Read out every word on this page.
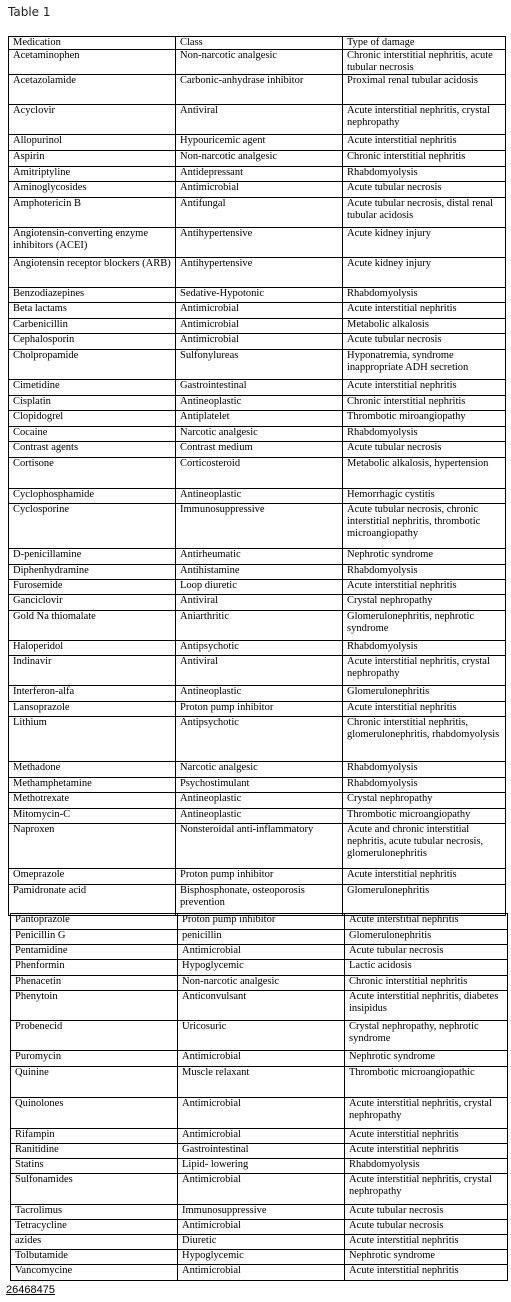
Table 1
Medication	Class	Type of damage
Acetaminophen	Non-narcotic analgesic	Chronic interstitial nephritis, acute tubular necrosis
Acetazolamide	Carbonic-anhydrase inhibitor	Proximal renal tubular acidosis
Acyclovir	Antiviral	Acute interstitial nephritis, crystal nephropathy
Allopurinol	Hypouricemic agent	Acute interstitial nephritis
Aspirin	Non-narcotic analgesic	Chronic interstitial nephritis
Amitriptyline	Antidepressant	Rhabdomyolysis
Aminoglycosides	Antimicrobial	Acute tubular necrosis
Amphotericin B	Antifungal	Acute tubular necrosis, distal renal tubular acidosis
Angiotensin-converting enzyme inhibitors (ACEI)	Antihypertensive	Acute kidney injury
Angiotensin receptor blockers (ARB)	Antihypertensive	Acute kidney injury
Benzodiazepines	Sedative-Hypotonic	Rhabdomyolysis
Beta lactams	Antimicrobial	Acute interstitial nephritis
Carbenicillin	Antimicrobial	Metabolic alkalosis
Cephalosporin	Antimicrobial	Acute tubular necrosis
Cholpropamide	Sulfonylureas	Hyponatremia, syndrome inappropriate ADH secretion
Cimetidine	Gastrointestinal	Acute interstitial nephritis
Cisplatin	Antineoplastic	Chronic interstitial nephritis
Clopidogrel	Antiplatelet	Thrombotic miroangiopathy
Cocaine	Narcotic analgesic	Rhabdomyolysis
Contrast agents	Contrast medium	Acute tubular necrosis
Cortisone	Corticosteroid	Metabolic alkalosis, hypertension
Cyclophosphamide	Antineoplastic	Hemorrhagic cystitis
Cyclosporine	Immunosuppressive	Acute tubular necrosis, chronic interstitial nephritis, thrombotic microangiopathy
D-penicillamine	Antirheumatic	Nephrotic syndrome
Diphenhydramine	Antihistamine	Rhabdomyolysis
Furosemide	Loop diuretic	Acute interstitial nephritis
Ganciclovir	Antiviral	Crystal nephropathy
Gold Na thiomalate	Aniarthritic	Glomerulonephritis, nephrotic syndrome
Haloperidol	Antipsychotic	Rhabdomyolysis
Indinavir	Antiviral	Acute interstitial nephritis, crystal nephropathy
Interferon-alfa	Antineoplastic	Glomerulonephritis
Lansoprazole	Proton pump inhibitor	Acute interstitial nephritis
Lithium	Antipsychotic	Chronic interstitial nephritis, glomerulonephritis, rhabdomyolysis
Methadone	Narcotic analgesic	Rhabdomyolysis
Methamphetamine	Psychostimulant	Rhabdomyolysis
Methotrexate	Antineoplastic	Crystal nephropathy
Mitomycin-C	Antineoplastic	Thrombotic microangiopathy
Naproxen	Nonsteroidal anti-inflammatory	Acute and chronic interstitial nephritis, acute tubular necrosis, glomerulonephritis
Omeprazole	Proton pump inhibitor	Acute interstitial nephritis
Pamidronate acid	Bisphosphonate, osteoporosis prevention	Glomerulonephritis
Pantoprazole	Proton pump inhibitor	Acute interstitial nephritis
Penicillin G	penicillin	Glomerulonephritis
Pentamidine	Antimicrobial	Acute tubular necrosis
Phenformin	Hypoglycemic	Lactic acidosis
Phenacetin	Non-narcotic analgesic	Chronic interstitial nephritis
Phenytoin	Anticonvulsant	Acute interstitial nephritis, diabetes insipidus
Probenecid	Uricosuric	Crystal nephropathy, nephrotic syndrome
Puromycin	Antimicrobial	Nephrotic syndrome
Quinine	Muscle relaxant	Thrombotic microangiopathic
Quinolones	Antimicrobial	Acute interstitial nephritis, crystal nephropathy
Rifampin	Antimicrobial	Acute interstitial nephritis
Ranitidine	Gastrointestinal	Acute interstitial nephritis
Statins	Lipid- lowering	Rhabdomyolysis
Sulfonamides	Antimicrobial	Acute interstitial nephritis, crystal nephropathy
Tacrolimus	Immunosuppressive	Acute tubular necrosis
Tetracycline	Antimicrobial	Acute tubular necrosis
azides	Diuretic	Acute interstitial nephritis
Tolbutamide	Hypoglycemic	Nephrotic syndrome
Vancomycine	Antimicrobial	Acute interstitial nephritis
26468475
